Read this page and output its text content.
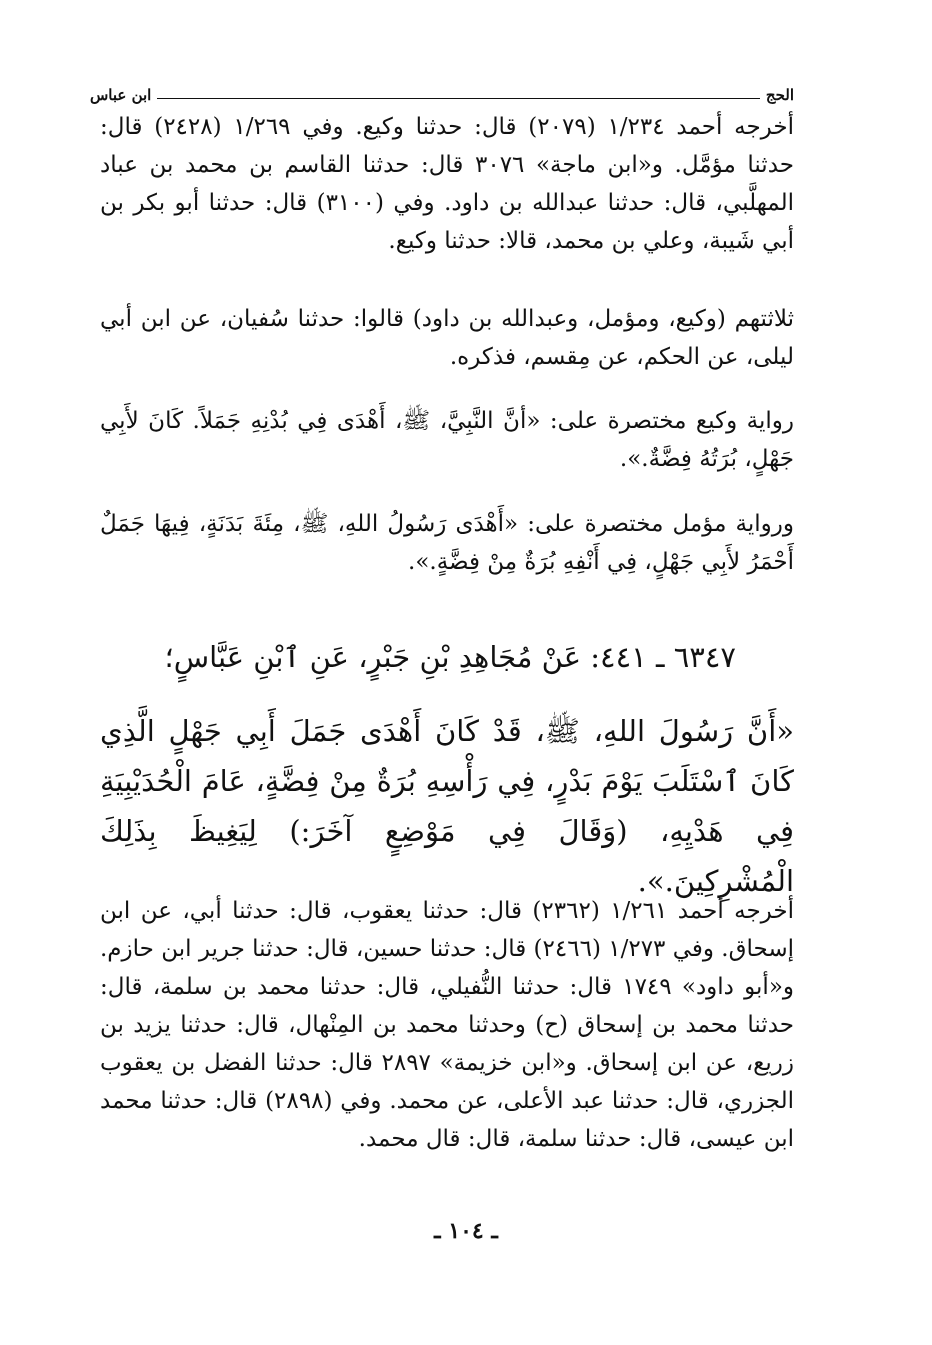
الحج
ابن عباس
أخرجه أحمد ١/٢٣٤ (٢٠٧٩) قال: حدثنا وكيع. وفي ١/٢٦٩ (٢٤٢٨) قال: حدثنا مؤمَّل. و«ابن ماجة» ٣٠٧٦ قال: حدثنا القاسم بن محمد بن عباد المهلَّبي، قال: حدثنا عبدالله بن داود. وفي (٣١٠٠) قال: حدثنا أبو بكر بن أبي شَيبة، وعلي بن محمد، قالا: حدثنا وكيع.
ثلاثتهم (وكيع، ومؤمل، وعبدالله بن داود) قالوا: حدثنا سُفيان، عن ابن أبي ليلى، عن الحكم، عن مِقسم، فذكره.
رواية وكيع مختصرة على: «أنَّ النَّبِيَّ، ﷺ، أَهْدَى فِي بُدْنِهِ جَمَلاً. كَانَ لأَبِي جَهْلٍ، بُرَتُهُ فِضَّةٌ.».
ورواية مؤمل مختصرة على: «أَهْدَى رَسُولُ اللهِ، ﷺ، مِئَةَ بَدَنَةٍ، فِيهَا جَمَلٌ أَحْمَرُ لأَبِي جَهْلٍ، فِي أَنْفِهِ بُرَةٌ مِنْ فِضَّةٍ.».
٦٣٤٧ ـ ٤٤١: عَنْ مُجَاهِدِ بْنِ جَبْرٍ، عَنِ ٱبْنِ عَبَّاسٍ؛
«أَنَّ رَسُولَ اللهِ، ﷺ، قَدْ كَانَ أَهْدَى جَمَلَ أَبِي جَهْلٍ الَّذِي كَانَ ٱسْتَلَبَ يَوْمَ بَدْرٍ، فِي رَأْسِهِ بُرَةٌ مِنْ فِضَّةٍ، عَامَ الْحُدَيْبِيَةِ فِي هَدْيِهِ، (وَقَالَ فِي مَوْضِعٍ آخَرَ:) لِيَغِيظَ بِذَلِكَ الْمُشْرِكِينَ.».
أخرجه أحمد ١/٢٦١ (٢٣٦٢) قال: حدثنا يعقوب، قال: حدثنا أبي، عن ابن إسحاق. وفي ١/٢٧٣ (٢٤٦٦) قال: حدثنا حسين، قال: حدثنا جرير ابن حازم. و«أبو داود» ١٧٤٩ قال: حدثنا النُّفيلي، قال: حدثنا محمد بن سلمة، قال: حدثنا محمد بن إسحاق (ح) وحدثنا محمد بن المِنْهال، قال: حدثنا يزيد بن زريع، عن ابن إسحاق. و«ابن خزيمة» ٢٨٩٧ قال: حدثنا الفضل بن يعقوب الجزري، قال: حدثنا عبد الأعلى، عن محمد. وفي (٢٨٩٨) قال: حدثنا محمد ابن عيسى، قال: حدثنا سلمة، قال: قال محمد.
ـ ١٠٤ ـ
